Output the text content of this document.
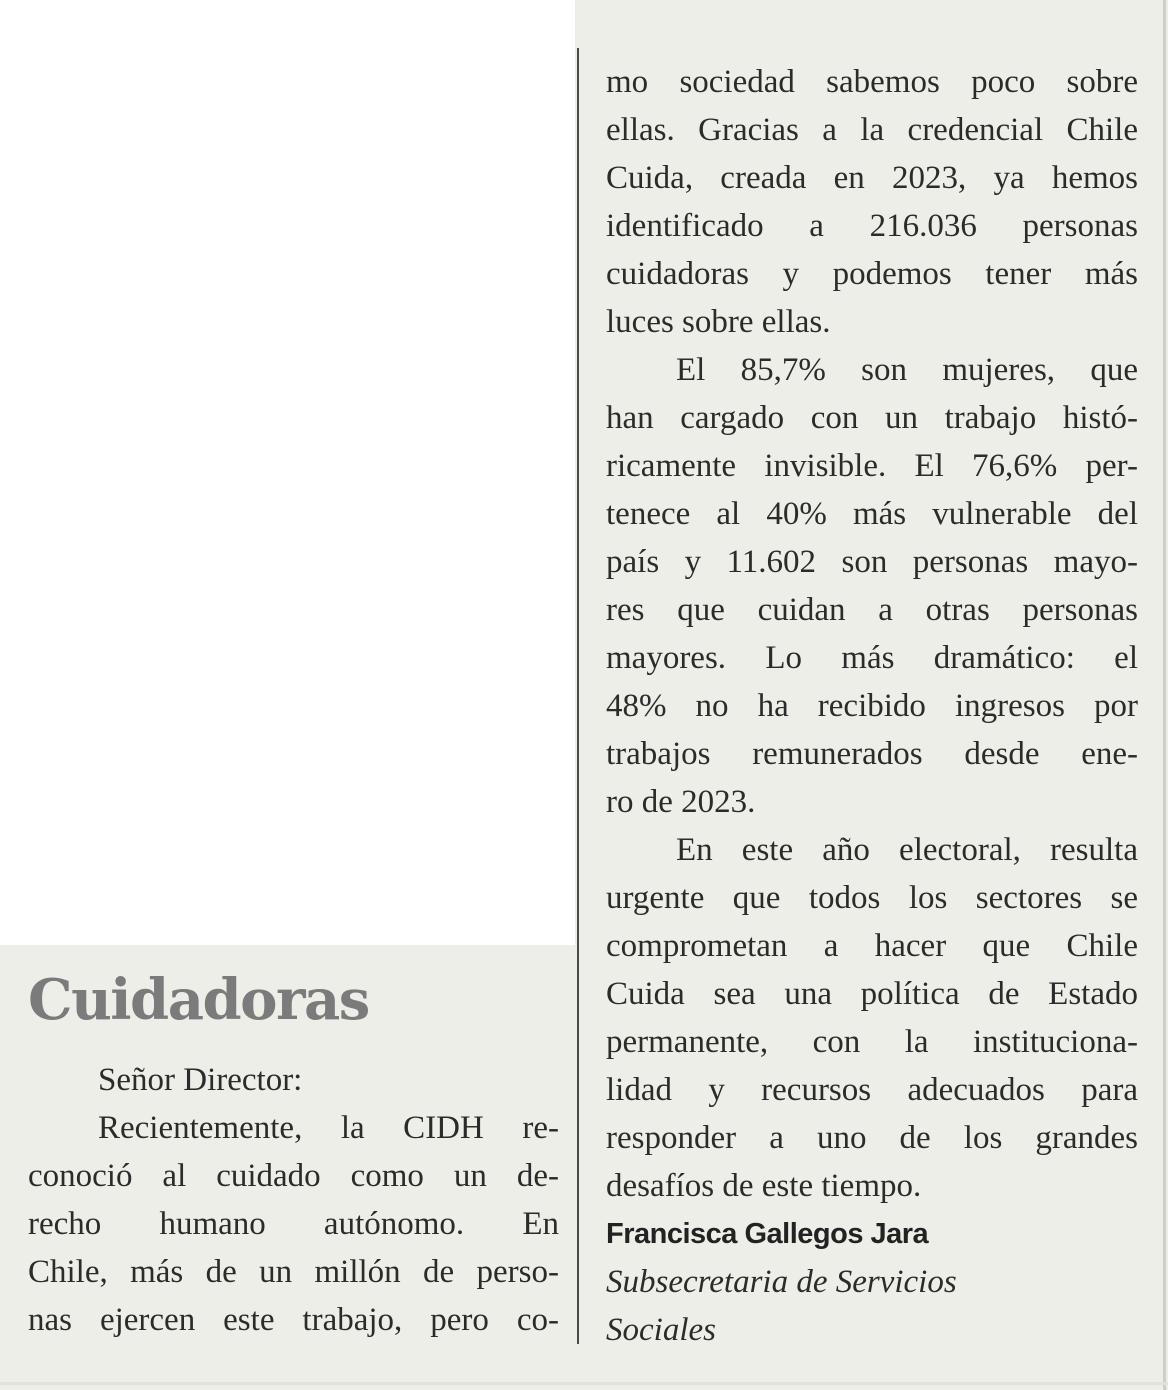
Cuidadoras
Señor Director:
Recientemente, la CIDH re-
conoció al cuidado como un de-
recho humano autónomo. En
Chile, más de un millón de perso-
nas ejercen este trabajo, pero co-
mo sociedad sabemos poco sobre
ellas. Gracias a la credencial Chile
Cuida, creada en 2023, ya hemos
identificado a 216.036 personas
cuidadoras y podemos tener más
luces sobre ellas.
El 85,7% son mujeres, que
han cargado con un trabajo histó-
ricamente invisible. El 76,6% per-
tenece al 40% más vulnerable del
país y 11.602 son personas mayo-
res que cuidan a otras personas
mayores. Lo más dramático: el
48% no ha recibido ingresos por
trabajos remunerados desde ene-
ro de 2023.
En este año electoral, resulta
urgente que todos los sectores se
comprometan a hacer que Chile
Cuida sea una política de Estado
permanente, con la instituciona-
lidad y recursos adecuados para
responder a uno de los grandes
desafíos de este tiempo.
Francisca Gallegos Jara
Subsecretaria de Servicios
Sociales
